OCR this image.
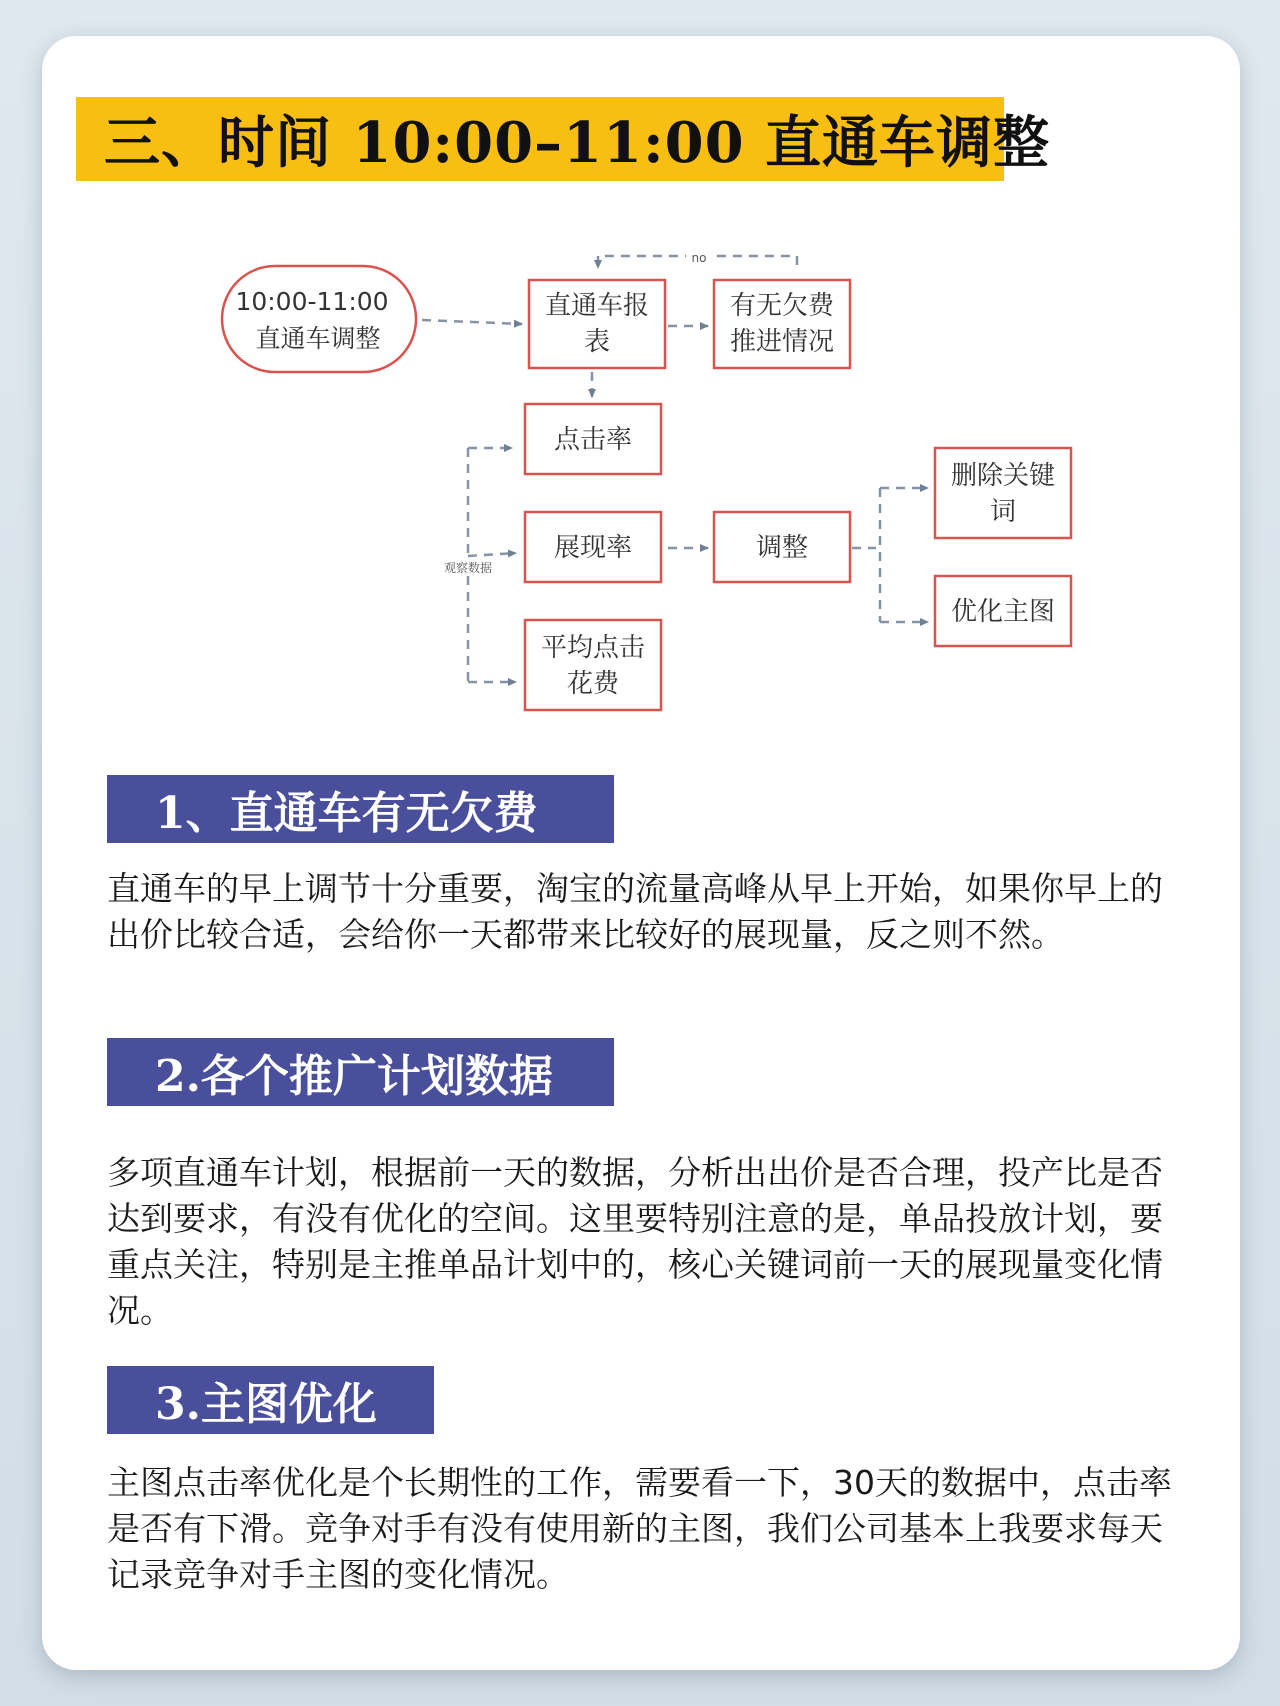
三、时间 10:00–11:00 直通车调整
10:00-11:00
直通车调整
直通车报
表
有无欠费
推进情况
no
点击率
展现率
平均点击
花费
观察数据
调整
删除关键
词
优化主图
1、直通车有无欠费

直通车的早上调节十分重要，淘宝的流量高峰从早上开始，如果你早上的出价比较合适，会给你一天都带来比较好的展现量，反之则不然。

2.各个推广计划数据

多项直通车计划，根据前一天的数据，分析出出价是否合理，投产比是否达到要求，有没有优化的空间。这里要特别注意的是，单品投放计划，要重点关注，特别是主推单品计划中的，核心关键词前一天的展现量变化情况。

3.主图优化

主图点击率优化是个长期性的工作，需要看一下，30天的数据中，点击率是否有下滑。竞争对手有没有使用新的主图，我们公司基本上我要求每天记录竞争对手主图的变化情况。
